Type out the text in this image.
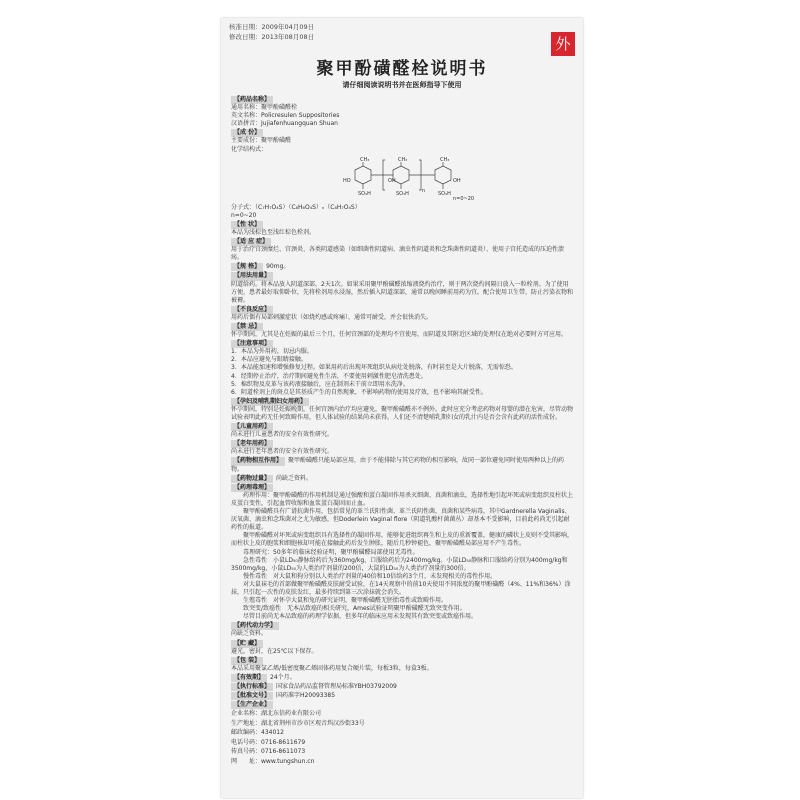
核准日期：2009年04月09日
修改日期：2013年08月08日	外
聚甲酚磺醛栓说明书
请仔细阅读说明书并在医师指导下使用
【药品名称】

通用名称：聚甲酚磺醛栓

英文名称：Policresulen Suppositories

汉语拼音：Jujiafenhuangquan Shuan

【成 份】

主要成份：聚甲酚磺醛

化学结构式：

CH₃	CH₃	CH₃
HO	OH	OH
SO₃H	SO₃H	SO₃H
n
n=0~20

分子式：（C₇H₇O₄S）（C₈H₆O₄S）ₙ（C₈H₇O₄S）

n=0~20

【性 状】

本品为浅棕色至浅红棕色栓剂。

【适 应 症】

用于治疗宫颈糜烂、宫颈炎、各类阴道感染（如细菌性阴道病、滴虫性阴道炎和念珠菌性阴道炎）、使用子宫托造成的压迫性溃疡。

【规 格】 90mg。

【用法用量】

阴道给药。将本品放入阴道深部，2天1次。如果采用聚甲酚磺醛浓缩液烧灼治疗，则于两次烧灼间隔日放入一粒栓剂。为了使用方便，患者最好取仰卧位，先将栓剂用水浸湿，然后插入阴道深部，通常以晚间睡前用药为宜。配合使用卫生带，防止污染衣物和被褥。

【不良反应】

用药后偶有局部刺激症状（如烧灼感或疼痛），通常可耐受，并会很快消失。

【禁 忌】

怀孕期间，尤其是在妊娠的最后三个月，任何宫颈部的处理均不宜使用，而阴道及其附近区域的处理仅在绝对必要时方可应用。

【注意事项】

1．本品为外用药，切忌内服。

2．本品应避免与眼睛接触。

3．本品能加速和增强修复过程。如果用药后出现坏死组织从病灶处脱落，有时甚至是大片脱落，无需惊恐。

4．经期停止治疗，治疗期间避免性生活，不要使用刺激性肥皂清洗患处。

5．棉织物及皮革与该药液接触后，应在制剂未干前立即用水洗净。

6．阴道栓剂上的斑点是其基质产生的自然现象，不影响药物的使用及疗效，也不影响其耐受性。

【孕妇及哺乳期妇女用药】

怀孕期间，特别是妊娠晚期，任何宫颈内治疗均应避免，聚甲酚磺醛亦不例外。此时应充分考虑药物对母婴的潜在危害，尽管动物试验表明此药无任何致畸作用，但人体试验的结果尚未获得，人们还不清楚哺乳期妇女的乳汁内是否会含有此药的活性成份。

【儿童用药】

尚未进行儿童患者的安全有效性研究。

【老年用药】

尚未进行老年患者的安全有效性研究。

【药物相互作用】 聚甲酚磺醛只能局部应用，由于不能排除与其它药物的相互影响，故同一部位避免同时使用两种以上的药物。

【药物过量】 尚缺乏资料。

【药理毒理】

药理作用：聚甲酚磺醛的作用机制是通过强酸和蛋白凝固作用杀灭细菌、真菌和滴虫，选择性地引起坏死或病变组织及柱状上皮蛋白变性，引起血管收缩和血浆蛋白凝固而止血。

聚甲酚磺醛具有广谱抗菌作用，包括常见的革兰氏阳性菌、革兰氏阴性菌，真菌和某些病毒，其中Gardnerella Vaginalis、厌氧菌、滴虫和念珠菌对之尤为敏感，但Doderlein Vaginal flore（阴道乳酸杆菌菌丛）却基本不受影响，目前此药尚无引起耐药性的报道。

聚甲酚磺醛对坏死或病变组织具有选择性的凝固作用，能够促进组织再生和上皮的重新覆盖，健康的磷状上皮则不受其影响，而柱状上皮的胞浆和细胞核却可能在接触此药后发生肿胀，随后几秒钟褪色，聚甲酚磺醛局部应用不产生毒性。

毒理研究：50多年的临床经验证明，聚甲酚磺醛局部使用无毒性。

急性毒性　小鼠LD₅₀静脉给药后为360mg/kg，口服给药后为2400mg/kg。小鼠LD₅₀静脉和口服给药分别为400mg/kg和3500mg/kg，小鼠LD₅₀为人类治疗剂量的200倍，大鼠的LD₅₀为人类治疗剂量的300倍。

慢性毒性　对大鼠和狗分别以人类治疗剂量的40倍和10倍给药3个月，未发现相关的毒性作用。

对大鼠袜毛的首部做聚甲酚磺醛皮肤耐受试验，在14天观察中的前10天使用不同浓度的聚甲酚磺醛（4%、11%和36%）涂抹，只引起一次性的皮肤发红，最多持续到第三次涂抹就会消失。

生殖毒性　对怀孕大鼠和兔的研究证明，聚甲酚磺醛无胚胎毒性或致畸作用。

致突变/致癌性　无本品致癌的相关研究，Ames试验证明聚甲酚磺醛无致突变作用。

尽管目前尚无本品致癌的药理学依据，但多年的临床应用未发现其有致突变或致癌作用。

【药代动力学】

尚缺乏资料。

【贮 藏】

避光，密封，在25℃以下保存。

【包 装】

本品采用聚氯乙烯/低密度聚乙烯固体药用复合硬片装，每板3粒，每盒3板。

【有效期】 24个月。

【执行标准】 国家食品药品监督管理局标准YBH03792009

【批准文号】 国药准字H20093385

【生产企业】

企业名称：湖北东信药业有限公司

生产地址：湖北省荆州市沙市区观音垱汉沙街33号

邮政编码：434012

电话号码：0716-8611679

传真号码：0716-8611073

网　　址：www.tungshun.cn
